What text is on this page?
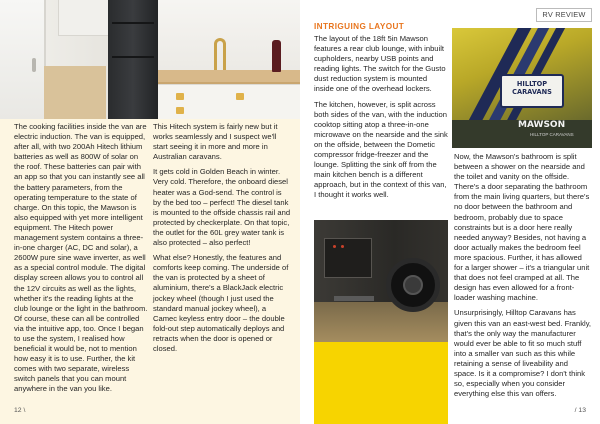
The cooking facilities inside the van are electric induction. The van is equipped, after all, with two 200Ah Hitech lithium batteries as well as 800W of solar on the roof. These batteries can pair with an app so that you can instantly see all the battery parameters, from the operating temperature to the state of charge. On this topic, the Mawson is also equipped with yet more intelligent equipment. The Hitech power management system contains a three-in-one charger (AC, DC and solar), a 2600W pure sine wave inverter, as well as a special control module. The digital display screen allows you to control all the 12V circuits as well as the lights, whether it's the reading lights at the club lounge or the light in the bathroom. Of course, these can all be controlled via the intuitive app, too. Once I began to use the system, I realised how beneficial it would be, not to mention how easy it is to use. Further, the kit comes with two separate, wireless switch panels that you can mount anywhere in the van you like.

This Hitech system is fairly new but it works seamlessly and I suspect we'll start seeing it in more and more in Australian caravans.

It gets cold in Golden Beach in winter. Very cold. Therefore, the onboard diesel heater was a God-send. The control is by the bed too – perfect! The diesel tank is mounted to the offside chassis rail and protected by checkerplate. On that topic, the outlet for the 60L grey water tank is also protected – also perfect!

What else? Honestly, the features and comforts keep coming. The underside of the van is protected by a sheet of aluminium, there's a BlackJack electric jockey wheel (though I just used the standard manual jockey wheel), a Camec keyless entry door – the double fold-out step automatically deploys and retracts when the door is opened or closed.

12 \
RV REVIEW
INTRIGUING LAYOUT

The layout of the 18ft 5in Mawson features a rear club lounge, with inbuilt cupholders, nearby USB points and reading lights. The switch for the Gusto dust reduction system is mounted inside one of the overhead lockers.

The kitchen, however, is split across both sides of the van, with the induction cooktop sitting atop a three-in-one microwave on the nearside and the sink on the offside, between the Dometic compressor fridge-freezer and the lounge. Splitting the sink off from the main kitchen bench is a different approach, but in the context of this van, I thought it works well.

HILLTOP CARAVANS
MAWSON
HILLTOP CARAVANS

Now, the Mawson's bathroom is split between a shower on the nearside and the toilet and vanity on the offside. There's a door separating the bathroom from the main living quarters, but there's no door between the bathroom and bedroom, probably due to space constraints but is a door here really needed anyway? Besides, not having a door actually makes the bedroom feel more spacious. Further, it has allowed for a larger shower – it's a triangular unit that does not feel cramped at all. The design has even allowed for a front-loader washing machine.

Unsurprisingly, Hilltop Caravans has given this van an east-west bed. Frankly, that's the only way the manufacturer would ever be able to fit so much stuff into a smaller van such as this while retaining a sense of liveability and space. Is it a compromise? I don't think so, especially when you consider everything else this van offers.

/ 13
